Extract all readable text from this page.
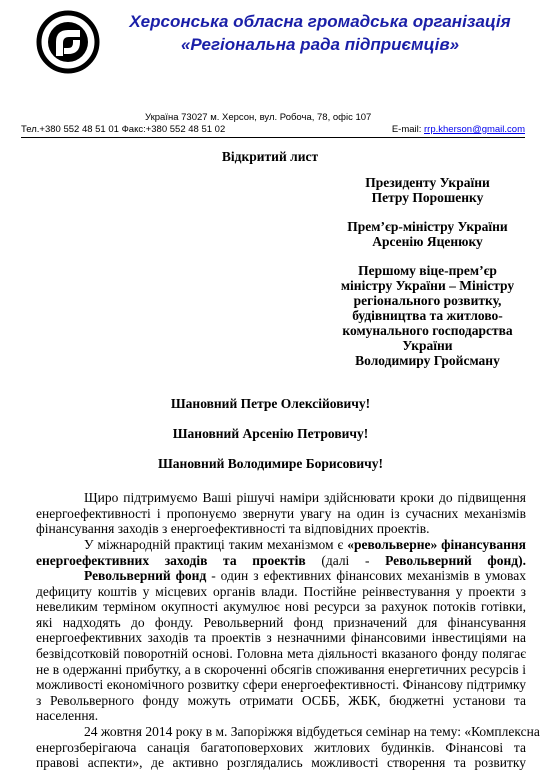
Херсонська обласна громадська організація
«Регіональна рада підприємців»
Україна 73027 м. Херсон, вул. Робоча, 78, офіс 107
Тел.+380 552 48 51 01 Факс:+380 552 48 51 02	E-mail: rrp.kherson@gmail.com
Відкритий лист
Президенту України
Петру Порошенку
Прем’єр-міністру України
Арсенію Яценюку
Першому віце-прем’єр
міністру України – Міністру
регіонального розвитку,
будівництва та житлово-
комунального господарства
України
Володимиру Гройсману
Шановний Петре Олексійовичу!
Шановний Арсенію Петровичу!
Шановний Володимире Борисовичу!
Щиро підтримуємо Ваші рішучі наміри здійснювати кроки до підвищення
енергоефективності і пропонуємо звернути увагу на один із сучасних механізмів
фінансування заходів з енергоефективності та відповідних проектів.
У міжнародній практиці таким механізмом є «револьверне» фінансування
енергоефективних заходів та проектів (далі - Револьверний фонд).
Револьверний фонд - один з ефективних фінансових механізмів в умовах
дефициту коштів у місцевих органів влади. Постійне реінвестування у проекти з
невеликим терміном окупності акумулює нові ресурси за рахунок потоків готівки,
які надходять до фонду. Револьверний фонд призначений для фінансування
енергоефективних заходів та проектів з незначними фінансовими інвестиціями на
безвідсотковій поворотній основі. Головна мета діяльності вказаного фонду полягає
не в одержанні прибутку, а в скороченні обсягів споживання енергетичних ресурсів і
можливості економічного розвитку сфери енергоефективності. Фінансову підтримку
з Револьверного фонду можуть отримати ОСББ, ЖБК, бюджетні установи та
населення.
24 жовтня 2014 року в м. Запоріжжя відбудеться семінар на тему: «Комплексна
енергозберігаюча санація багатоповерхових житлових будинків. Фінансові та
правові аспекти», де активно розглядались можливості створення та розвитку
